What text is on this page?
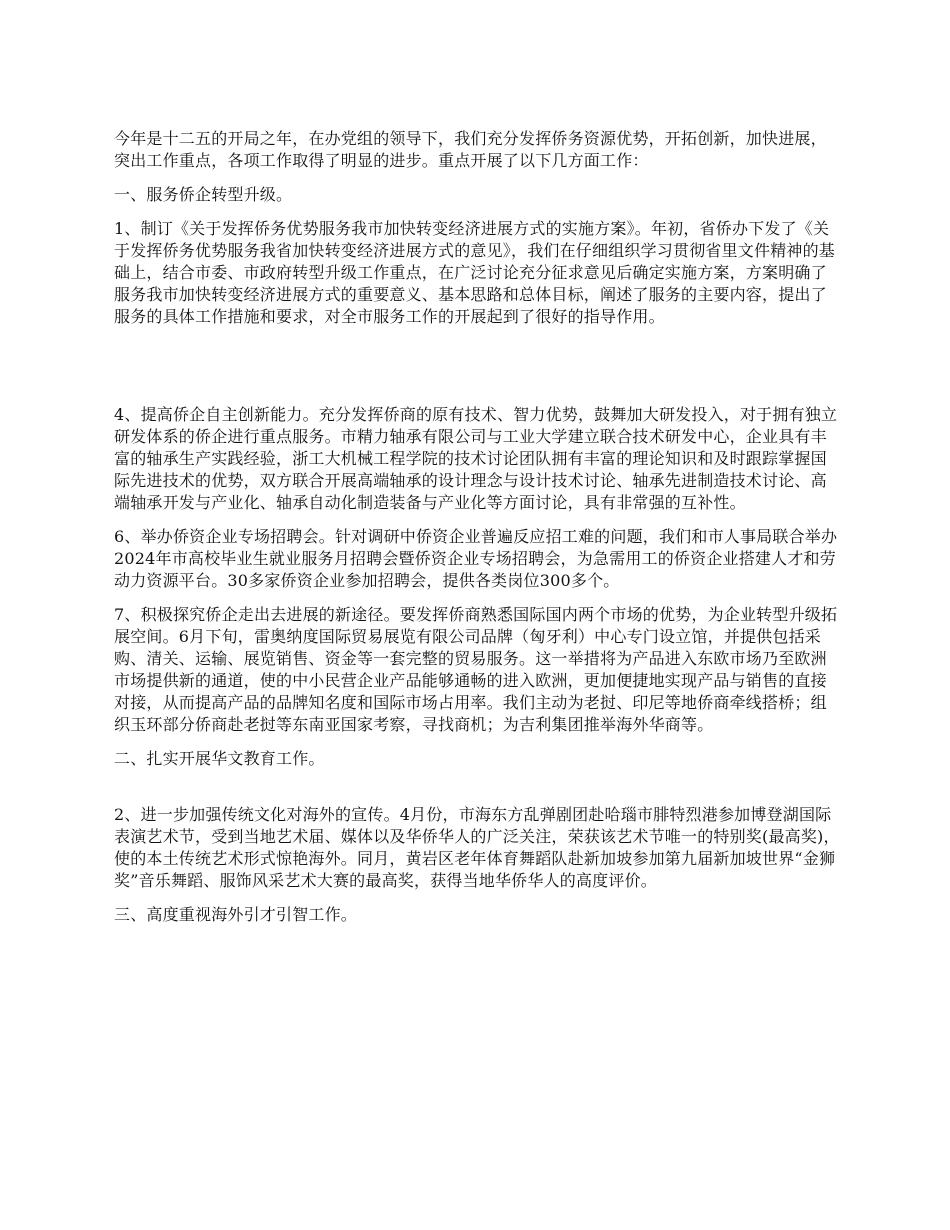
今年是十二五的开局之年，在办党组的领导下，我们充分发挥侨务资源优势，开拓创新，加快进展，突出工作重点，各项工作取得了明显的进步。重点开展了以下几方面工作：

一、服务侨企转型升级。

1、制订《关于发挥侨务优势服务我市加快转变经济进展方式的实施方案》。年初，省侨办下发了《关于发挥侨务优势服务我省加快转变经济进展方式的意见》，我们在仔细组织学习贯彻省里文件精神的基础上，结合市委、市政府转型升级工作重点，在广泛讨论充分征求意见后确定实施方案，方案明确了服务我市加快转变经济进展方式的重要意义、基本思路和总体目标，阐述了服务的主要内容，提出了服务的具体工作措施和要求，对全市服务工作的开展起到了很好的指导作用。

4、提高侨企自主创新能力。充分发挥侨商的原有技术、智力优势，鼓舞加大研发投入，对于拥有独立研发体系的侨企进行重点服务。市精力轴承有限公司与工业大学建立联合技术研发中心，企业具有丰富的轴承生产实践经验，浙工大机械工程学院的技术讨论团队拥有丰富的理论知识和及时跟踪掌握国际先进技术的优势，双方联合开展高端轴承的设计理念与设计技术讨论、轴承先进制造技术讨论、高端轴承开发与产业化、轴承自动化制造装备与产业化等方面讨论，具有非常强的互补性。

6、举办侨资企业专场招聘会。针对调研中侨资企业普遍反应招工难的问题，我们和市人事局联合举办2024年市高校毕业生就业服务月招聘会暨侨资企业专场招聘会，为急需用工的侨资企业搭建人才和劳动力资源平台。30多家侨资企业参加招聘会，提供各类岗位300多个。

7、积极探究侨企走出去进展的新途径。要发挥侨商熟悉国际国内两个市场的优势，为企业转型升级拓展空间。6月下旬，雷奥纳度国际贸易展览有限公司品牌（匈牙利）中心专门设立馆，并提供包括采购、清关、运输、展览销售、资金等一套完整的贸易服务。这一举措将为产品进入东欧市场乃至欧洲市场提供新的通道，使的中小民营企业产品能够通畅的进入欧洲，更加便捷地实现产品与销售的直接对接，从而提高产品的品牌知名度和国际市场占用率。我们主动为老挝、印尼等地侨商牵线搭桥；组织玉环部分侨商赴老挝等东南亚国家考察，寻找商机；为吉利集团推举海外华商等。

二、扎实开展华文教育工作。

2、进一步加强传统文化对海外的宣传。4月份，市海东方乱弹剧团赴哈瑙市腓特烈港参加博登湖国际表演艺术节，受到当地艺术届、媒体以及华侨华人的广泛关注，荣获该艺术节唯一的特别奖(最高奖)，使的本土传统艺术形式惊艳海外。同月，黄岩区老年体育舞蹈队赴新加坡参加第九届新加坡世界“金狮奖”音乐舞蹈、服饰风采艺术大赛的最高奖，获得当地华侨华人的高度评价。

三、高度重视海外引才引智工作。
